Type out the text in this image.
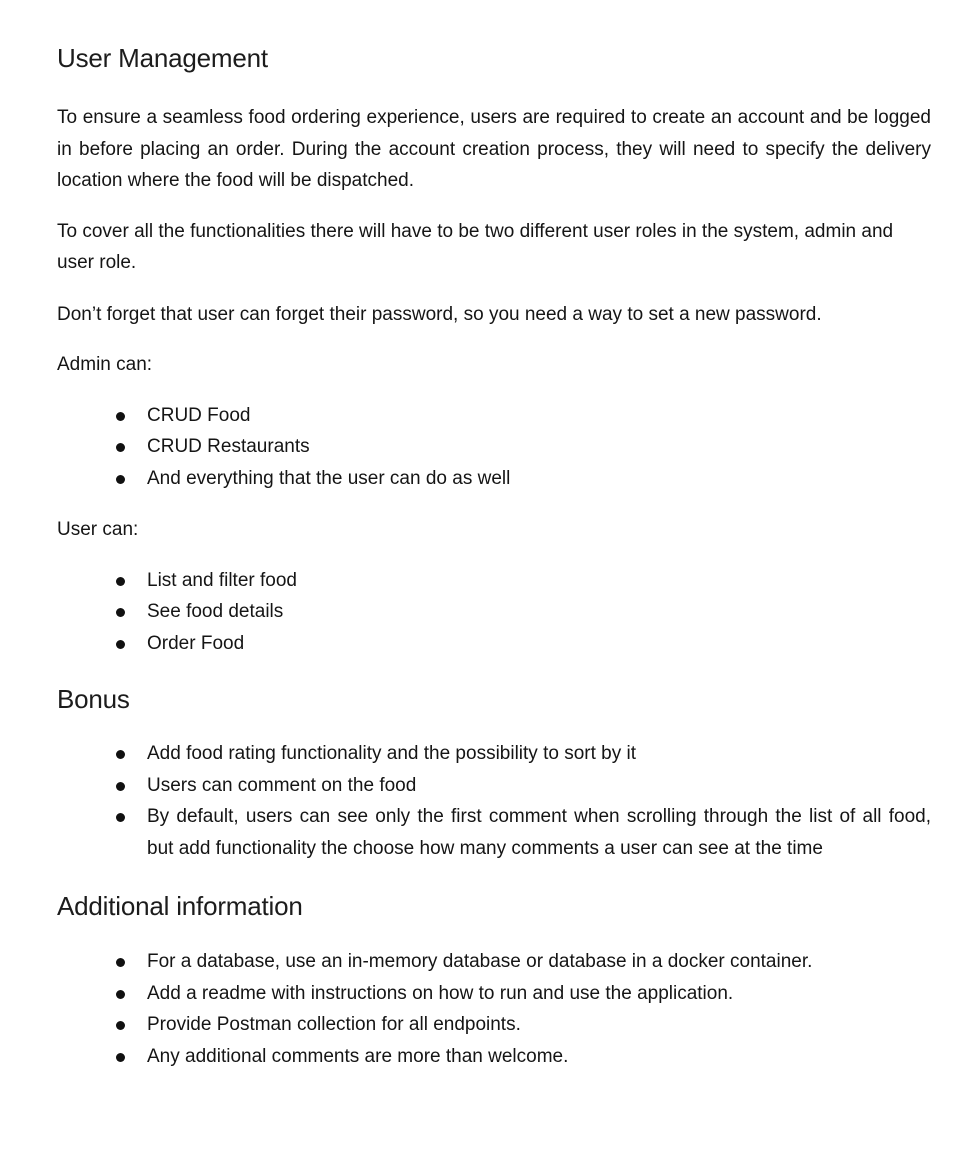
User Management

To ensure a seamless food ordering experience, users are required to create an account and be logged in before placing an order. During the account creation process, they will need to specify the delivery location where the food will be dispatched.

To cover all the functionalities there will have to be two different user roles in the system, admin and user role.

Don’t forget that user can forget their password, so you need a way to set a new password.

Admin can:

CRUD Food
CRUD Restaurants
And everything that the user can do as well

User can:

List and filter food
See food details
Order Food
Bonus
Add food rating functionality and the possibility to sort by it
Users can comment on the food
By default, users can see only the first comment when scrolling through the list of all food, but add functionality the choose how many comments a user can see at the time
Additional information
For a database, use an in-memory database or database in a docker container.
Add a readme with instructions on how to run and use the application.
Provide Postman collection for all endpoints.
Any additional comments are more than welcome.
